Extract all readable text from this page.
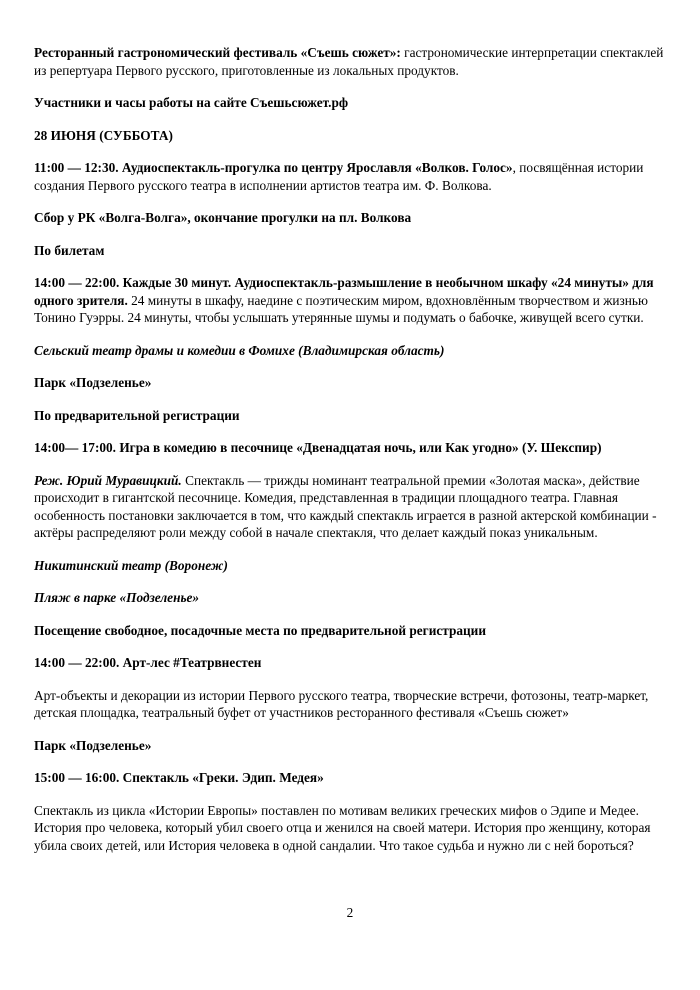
Ресторанный гастрономический фестиваль «Съешь сюжет»: гастрономические интерпретации спектаклей из репертуара Первого русского, приготовленные из локальных продуктов.

Участники и часы работы на сайте Съешьсюжет.рф

28 ИЮНЯ (СУББОТА)

11:00 — 12:30. Аудиоспектакль-прогулка по центру Ярославля «Волков. Голос», посвящённая истории создания Первого русского театра в исполнении артистов театра им. Ф. Волкова.

Сбор у РК «Волга-Волга», окончание прогулки на пл. Волкова

По билетам

14:00 — 22:00. Каждые 30 минут. Аудиоспектакль-размышление в необычном шкафу «24 минуты» для одного зрителя. 24 минуты в шкафу, наедине с поэтическим миром, вдохновлённым творчеством и жизнью Тонино Гуэрры. 24 минуты, чтобы услышать утерянные шумы и подумать о бабочке, живущей всего сутки.

Сельский театр драмы и комедии в Фомихе (Владимирская область)

Парк «Подзеленье»

По предварительной регистрации

14:00— 17:00. Игра в комедию в песочнице «Двенадцатая ночь, или Как угодно» (У. Шекспир)

Реж. Юрий Муравицкий. Спектакль — трижды номинант театральной премии «Золотая маска», действие происходит в гигантской песочнице. Комедия, представленная в традиции площадного театра. Главная особенность постановки заключается в том, что каждый спектакль играется в разной актерской комбинации - актёры распределяют роли между собой в начале спектакля, что делает каждый показ уникальным.

Никитинский театр (Воронеж)

Пляж в парке «Подзеленье»

Посещение свободное, посадочные места по предварительной регистрации

14:00 — 22:00. Арт-лес #Театрвнестен

Арт-объекты и декорации из истории Первого русского театра, творческие встречи, фотозоны, театр-маркет, детская площадка, театральный буфет от участников ресторанного фестиваля «Съешь сюжет»

Парк «Подзеленье»

15:00 — 16:00. Спектакль «Греки. Эдип. Медея»

Спектакль из цикла «Истории Европы» поставлен по мотивам великих греческих мифов о Эдипе и Медее. История про человека, который убил своего отца и женился на своей матери. История про женщину, которая убила своих детей, или История человека в одной сандалии. Что такое судьба и нужно ли с ней бороться?

2
